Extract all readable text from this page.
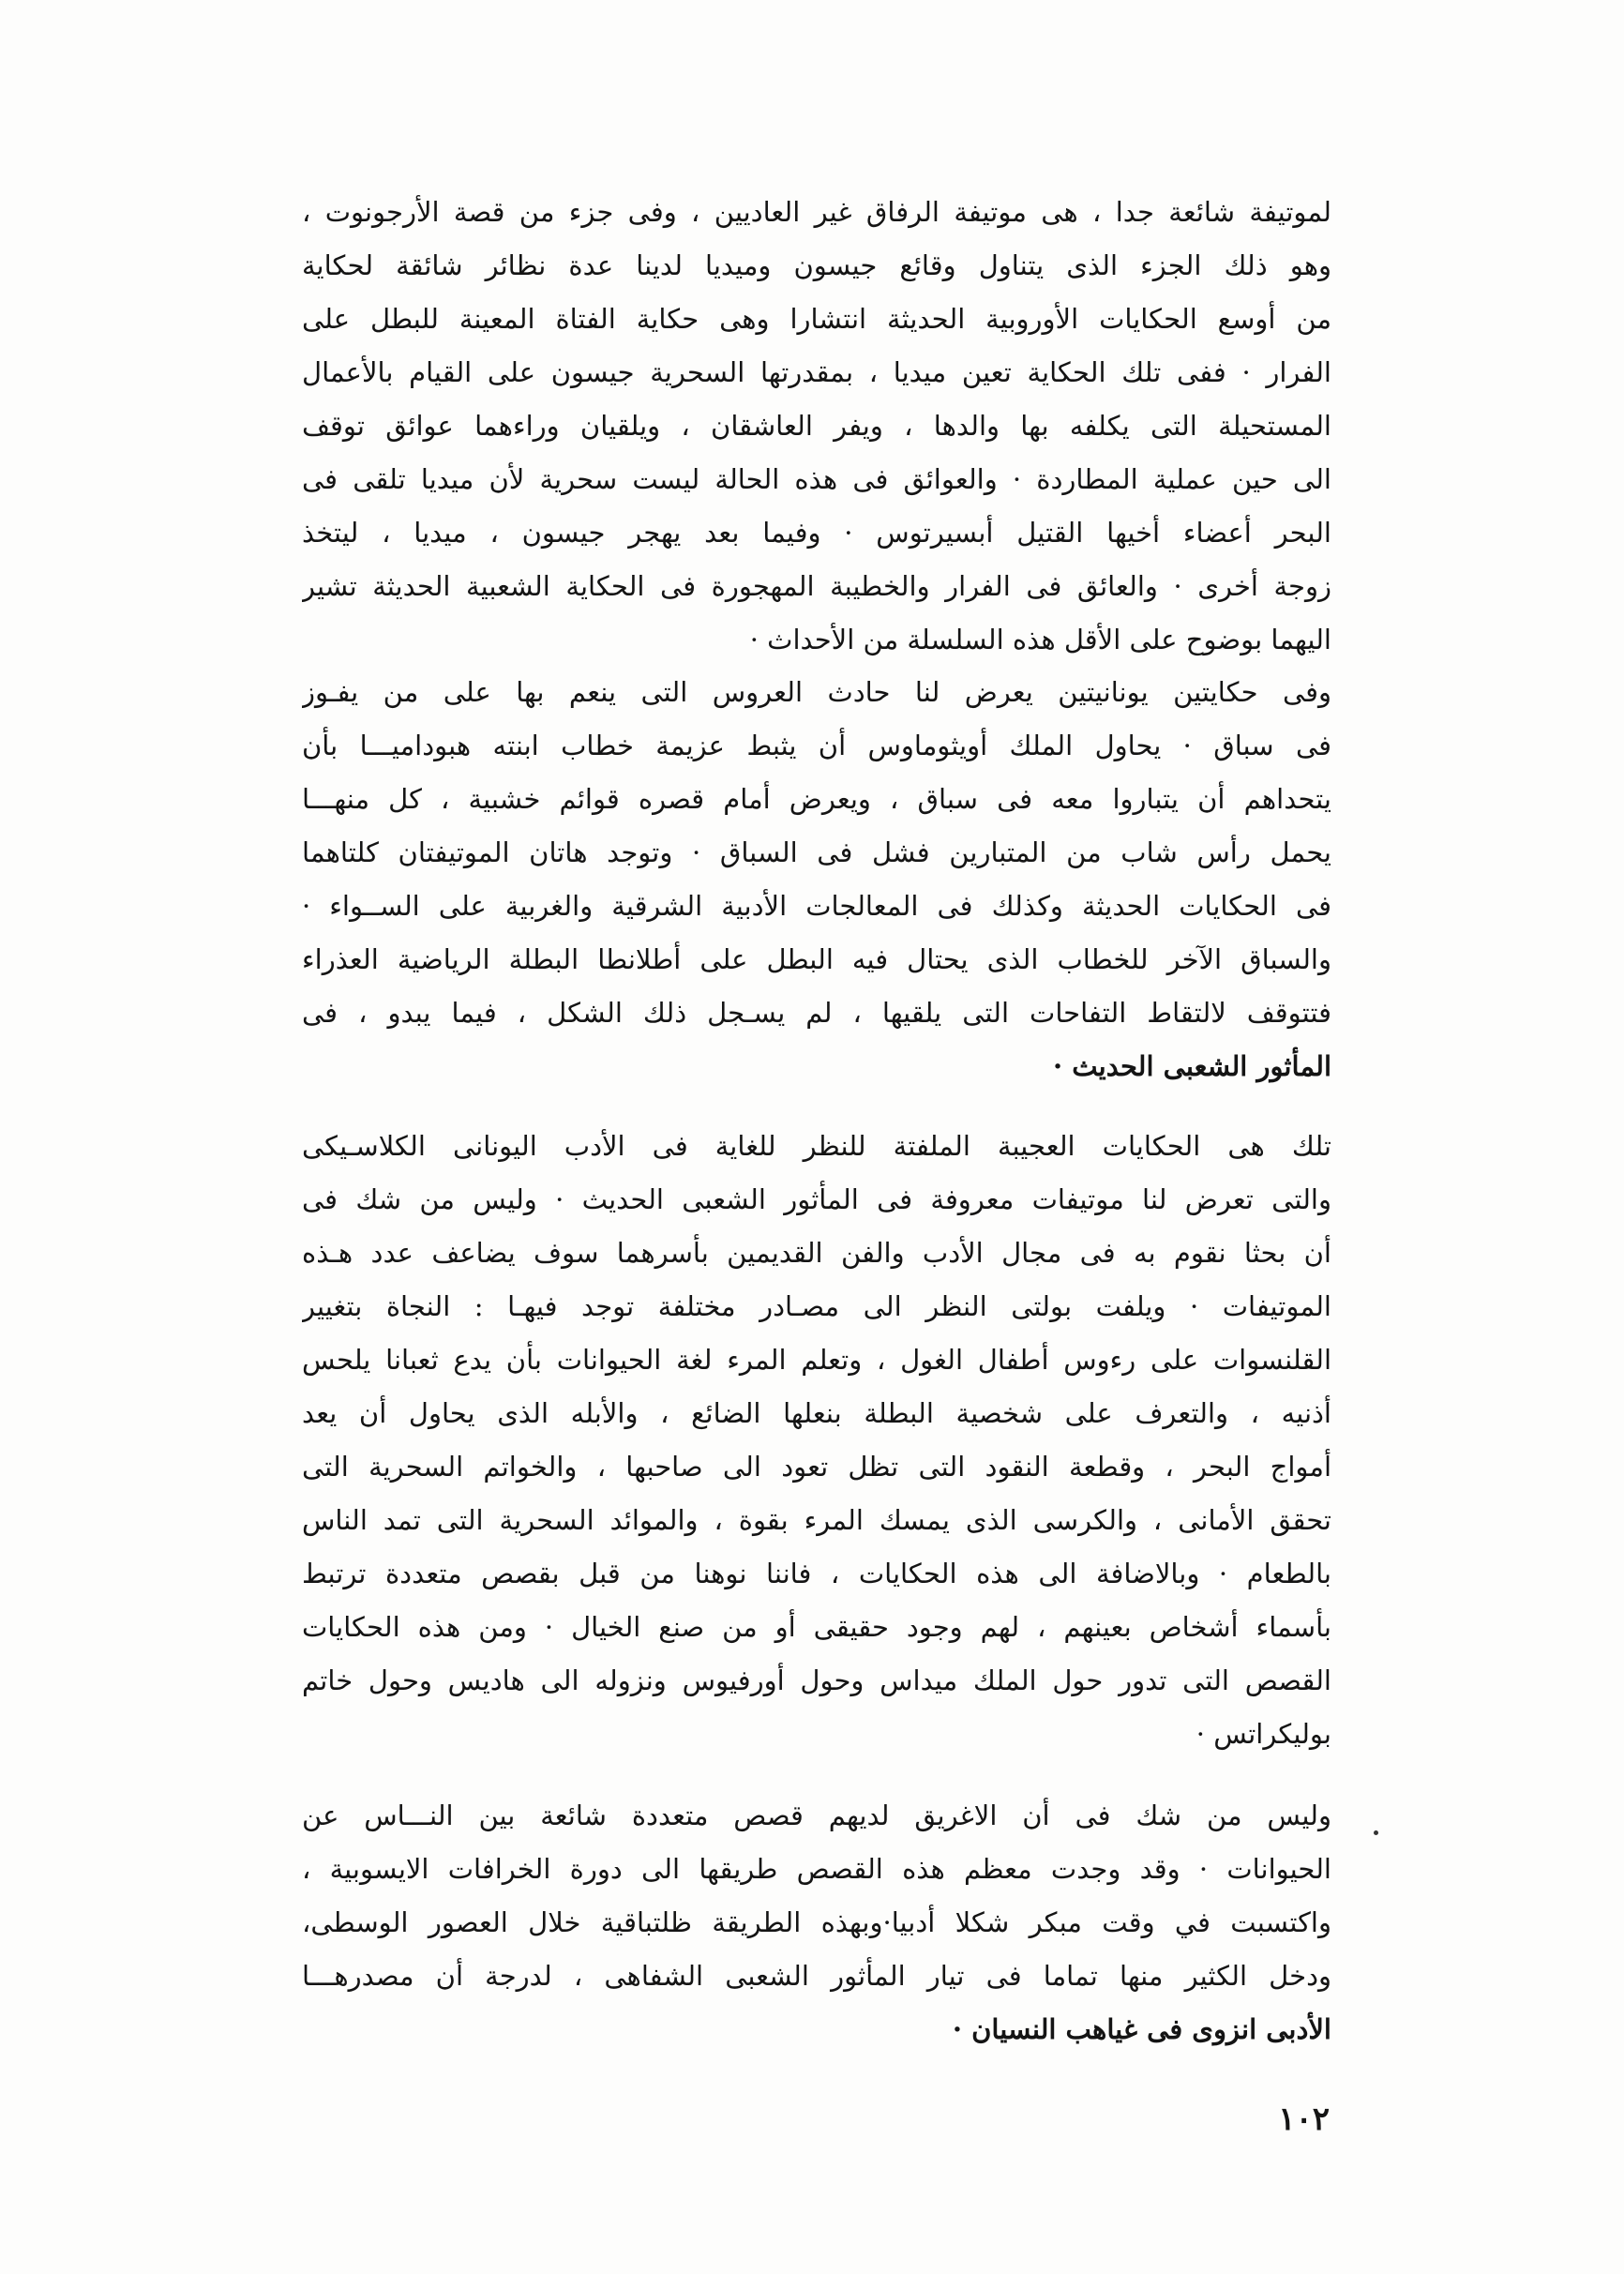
لموتيفة شائعة جدا ، هى موتيفة الرفاق غير العاديين ، وفى جزء من قصة الأرجونوت ،
وهو ذلك الجزء الذى يتناول وقائع جيسون وميديا لدينا عدة نظائر شائقة لحكاية
من أوسع الحكايات الأوروبية الحديثة انتشارا وهى حكاية الفتاة المعينة للبطل على
الفرار · ففى تلك الحكاية تعين ميديا ، بمقدرتها السحرية جيسون على القيام بالأعمال
المستحيلة التى يكلفه بها والدها ، ويفر العاشقان ، ويلقيان وراءهما عوائق توقف
الى حين عملية المطاردة · والعوائق فى هذه الحالة ليست سحرية لأن ميديا تلقى فى
البحر أعضاء أخيها القتيل أبسيرتوس · وفيما بعد يهجر جيسون ، ميديا ، ليتخذ
زوجة أخرى · والعائق فى الفرار والخطيبة المهجورة فى الحكاية الشعبية الحديثة تشير
اليهما بوضوح على الأقل هذه السلسلة من الأحداث ·
وفى حكايتين يونانيتين يعرض لنا حادث العروس التى ينعم بها على من يفـوز
فى سباق · يحاول الملك أويثوماوس أن يثبط عزيمة خطاب ابنته هبوداميـــا بأن
يتحداهم أن يتباروا معه فى سباق ، ويعرض أمام قصره قوائم خشبية ، كل منهـــا
يحمل رأس شاب من المتبارين فشل فى السباق · وتوجد هاتان الموتيفتان كلتاهما
فى الحكايات الحديثة وكذلك فى المعالجات الأدبية الشرقية والغربية على الســواء ·
والسباق الآخر للخطاب الذى يحتال فيه البطل على أطلانطا البطلة الرياضية العذراء
فتتوقف لالتقاط التفاحات التى يلقيها ، لم يسـجل ذلك الشكل ، فيما يبدو ، فى
المأثور الشعبى الحديث ·
تلك هى الحكايات العجيبة الملفتة للنظر للغاية فى الأدب اليونانى الكلاسـيكى
والتى تعرض لنا موتيفات معروفة فى المأثور الشعبى الحديث · وليس من شك فى
أن بحثا نقوم به فى مجال الأدب والفن القديمين بأسرهما سوف يضاعف عدد هـذه
الموتيفات · ويلفت بولتى النظر الى مصـادر مختلفة توجد فيهـا : النجاة بتغيير
القلنسوات على رءوس أطفال الغول ، وتعلم المرء لغة الحيوانات بأن يدع ثعبانا يلحس
أذنيه ، والتعرف على شخصية البطلة بنعلها الضائع ، والأبله الذى يحاول أن يعد
أمواج البحر ، وقطعة النقود التى تظل تعود الى صاحبها ، والخواتم السحرية التى
تحقق الأمانى ، والكرسى الذى يمسك المرء بقوة ، والموائد السحرية التى تمد الناس
بالطعام · وبالاضافة الى هذه الحكايات ، فاننا نوهنا من قبل بقصص متعددة ترتبط
بأسماء أشخاص بعينهم ، لهم وجود حقيقى أو من صنع الخيال · ومن هذه الحكايات
القصص التى تدور حول الملك ميداس وحول أورفيوس ونزوله الى هاديس وحول خاتم
بوليكراتس ·
وليس من شك فى أن الاغريق لديهم قصص متعددة شائعة بين النـــاس عن
الحيوانات · وقد وجدت معظم هذه القصص طريقها الى دورة الخرافات الايسوبية ،
واكتسبت في وقت مبكر شكلا أدبيا·وبهذه الطريقة ظلتباقية خلال العصور الوسطى،
ودخل الكثير منها تماما فى تيار المأثور الشعبى الشفاهى ، لدرجة أن مصدرهـــا
الأدبى انزوى فى غياهب النسيان ·
١٠٢
